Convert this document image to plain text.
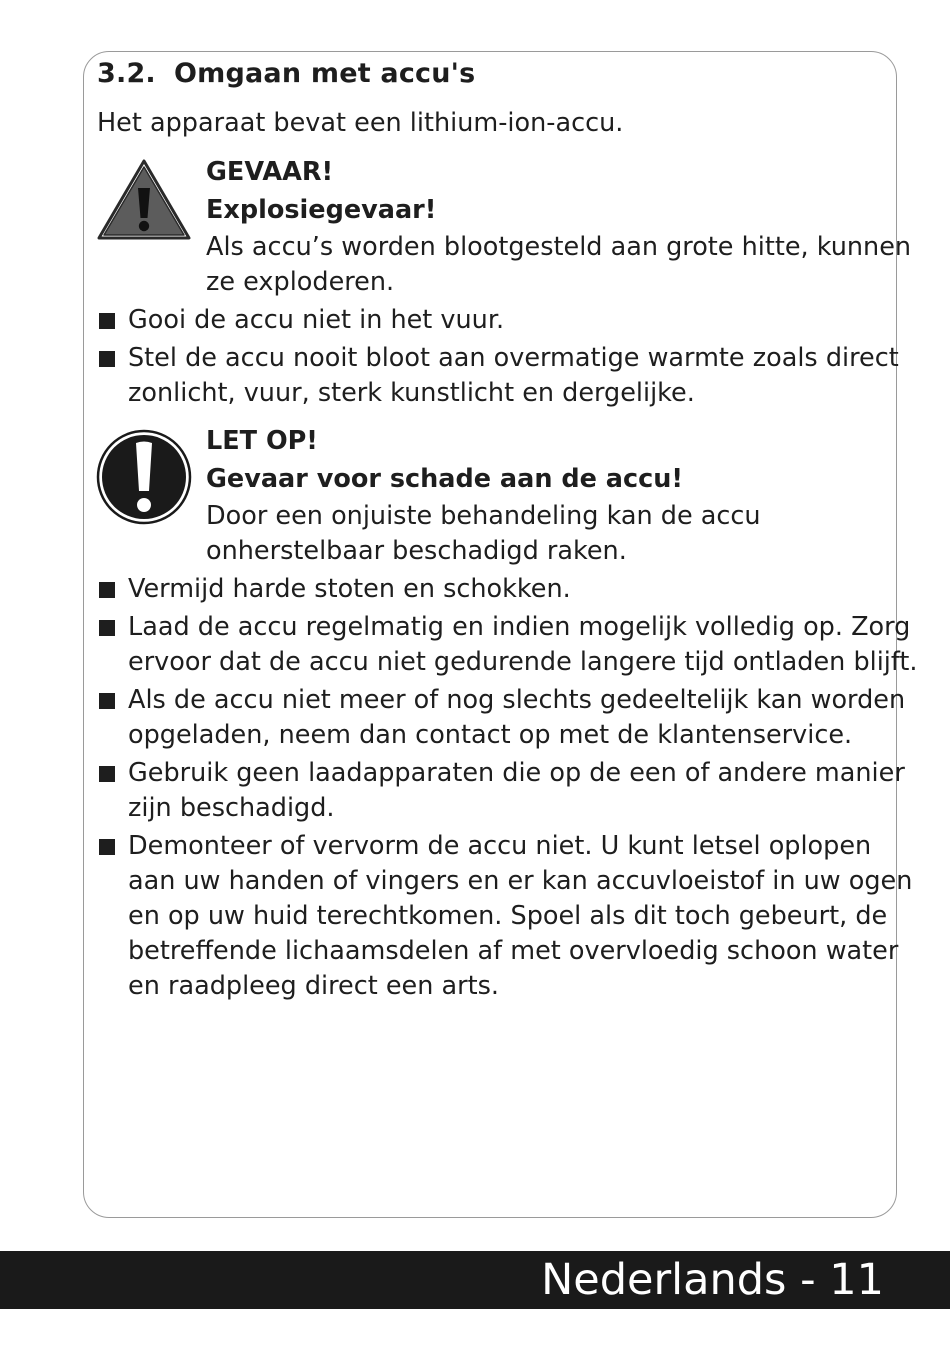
3.2. Omgaan met accu's
Het apparaat bevat een lithium-ion-accu.
GEVAAR!
Explosiegevaar!
Als accu’s worden blootgesteld aan grote hitte, kunnen
ze exploderen.
Gooi de accu niet in het vuur.
Stel de accu nooit bloot aan overmatige warmte zoals direct
zonlicht, vuur, sterk kunstlicht en dergelijke.
LET OP!
Gevaar voor schade aan de accu!
Door een onjuiste behandeling kan de accu
onherstelbaar beschadigd raken.
Vermijd harde stoten en schokken.
Laad de accu regelmatig en indien mogelijk volledig op. Zorg
ervoor dat de accu niet gedurende langere tijd ontladen blijft.
Als de accu niet meer of nog slechts gedeeltelijk kan worden
opgeladen, neem dan contact op met de klantenservice.
Gebruik geen laadapparaten die op de een of andere manier
zijn beschadigd.
Demonteer of vervorm de accu niet. U kunt letsel oplopen
aan uw handen of vingers en er kan accuvloeistof in uw ogen
en op uw huid terechtkomen. Spoel als dit toch gebeurt, de
betreffende lichaamsdelen af met overvloedig schoon water
en raadpleeg direct een arts.
Nederlands - 11
